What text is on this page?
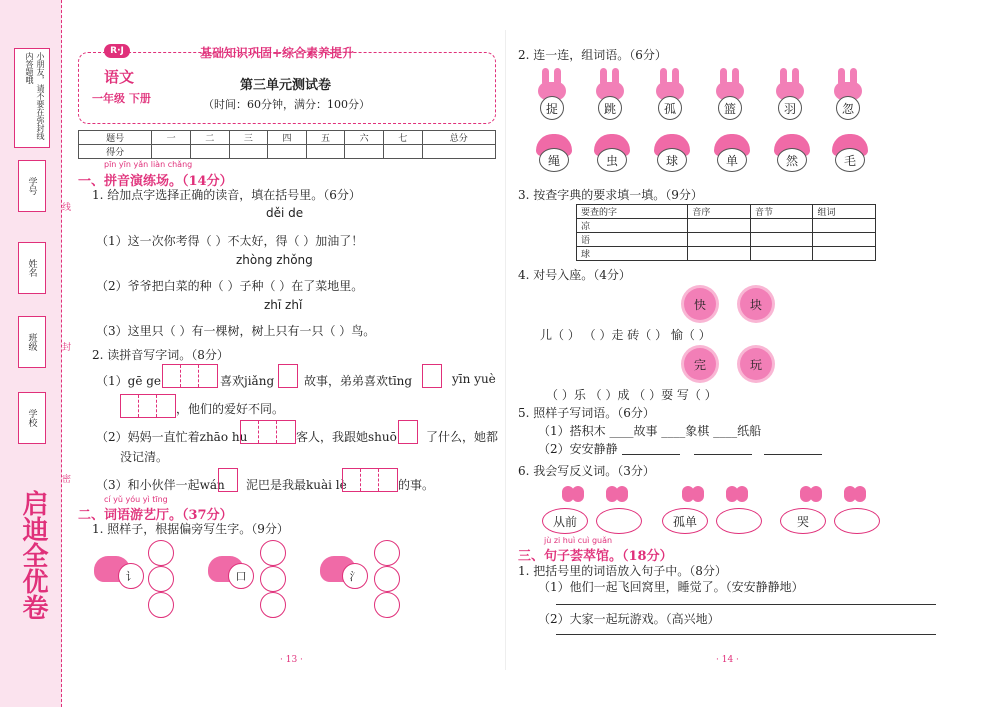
小朋友，请不要在弥封线内答题哦
学号
姓名
班级
学校
启迪全优卷
线
封
密
R·J	基础知识巩固+综合素养提升
语文
一年级 下册
第三单元测试卷
（时间：60分钟，满分：100分）
题号	一	二	三	四	五	六	七	总分
得分								
pīn yīn yǎn liàn chǎng
一、拼音演练场。（14分）
1. 给加点字选择正确的读音，填在括号里。（6分）
děi de
（1）这一次你考得（ ）不太好，得（ ）加油了！
zhòng zhǒng
（2）爷爷把白菜的种（ ）子种（ ）在了菜地里。
zhī zhǐ
（3）这里只（ ）有一棵树，树上只有一只（ ）鸟。
2. 读拼音写字词。（8分）
（1）gē ge	喜欢jiǎng 故事，弟弟喜欢tīng	yīn yuè
，他们的爱好不同。
（2）妈妈一直忙着zhāo hu	客人，我跟她shuō 了什么，她都
没记清。
（3）和小伙伴一起wán 泥巴是我最kuài lè	的事。
cí yǔ yóu yì tīng
二、词语游艺厅。（37分）
1. 照样子，根据偏旁写生字。（9分）
讠	口	氵
· 13 ·
2. 连一连，组词语。（6分）
捉	跳	孤	篮	羽	忽
绳	虫	球	单	然	毛
3. 按查字典的要求填一填。（9分）
要查的字	音序	音节	组词
凉			
语			
球			
4. 对号入座。（4分）
快	块
儿（ ） （ ）走 砖（ ） 愉（ ）
完	玩
（ ）乐 （ ）成 （ ）耍 写（ ）
5. 照样子写词语。（6分）
（1）搭积木 ____故事 ____象棋 ____纸船
（2）安安静静
6. 我会写反义词。（3分）
从前	孤单	哭
jù zi huì cuì guǎn
三、句子荟萃馆。（18分）
1. 把括号里的词语放入句子中。（8分）
（1）他们一起飞回窝里，睡觉了。（安安静静地）
（2）大家一起玩游戏。（高兴地）
· 14 ·
